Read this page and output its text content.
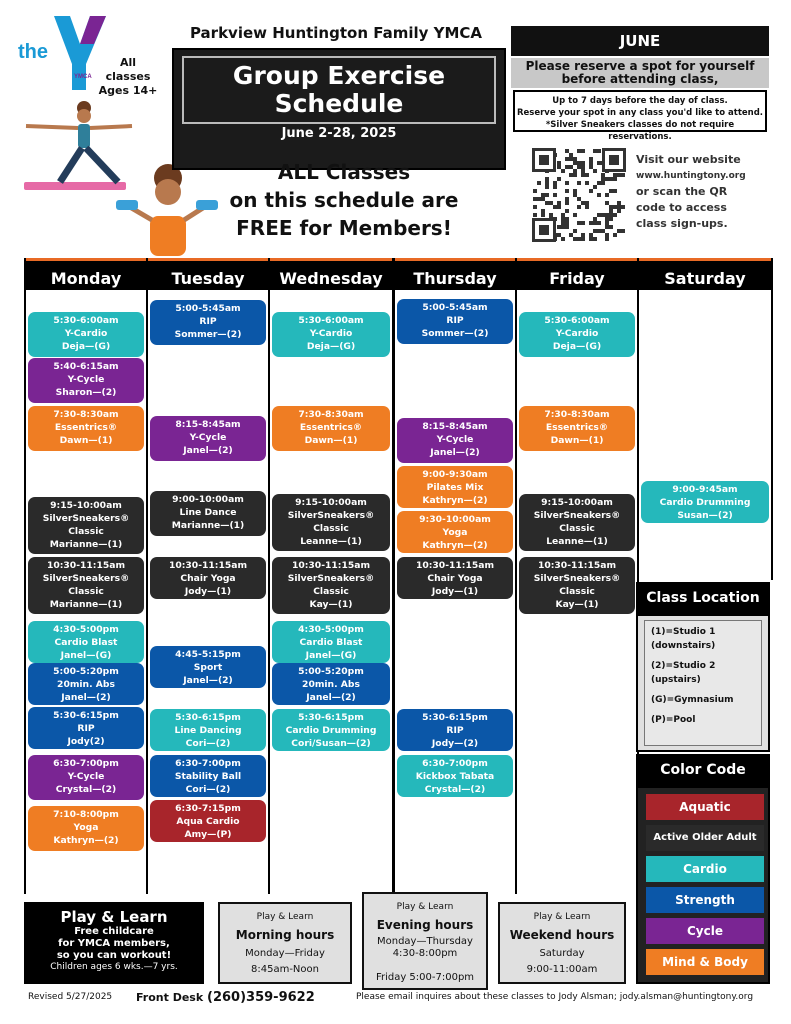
the
YMCA
All classes
Ages 14+
Parkview Huntington Family YMCA
Group Exercise
Schedule
June 2-28, 2025
ALL Classes
on this schedule are
FREE for Members!
JUNE
Please reserve a spot for yourself
before attending class,
Up to 7 days before the day of class.
Reserve your spot in any class you'd like to attend.
*Silver Sneakers classes do not require reservations.
Visit our website
www.huntingtony.org
or scan the QR
code to access
class sign-ups.
Monday
5:30-6:00am
Y-Cardio
Deja—(G)
5:40-6:15am
Y-Cycle
Sharon—(2)
7:30-8:30am
Essentrics®
Dawn—(1)
9:15-10:00am
SilverSneakers®
Classic
Marianne—(1)
10:30-11:15am
SilverSneakers®
Classic
Marianne—(1)
4:30-5:00pm
Cardio Blast
Janel—(G)
5:00-5:20pm
20min. Abs
Janel—(2)
5:30-6:15pm
RIP
Jody(2)
6:30-7:00pm
Y-Cycle
Crystal—(2)
7:10-8:00pm
Yoga
Kathryn—(2)
Tuesday
5:00-5:45am
RIP
Sommer—(2)
8:15-8:45am
Y-Cycle
Janel—(2)
9:00-10:00am
Line Dance
Marianne—(1)
10:30-11:15am
Chair Yoga
Jody—(1)
4:45-5:15pm
Sport
Janel—(2)
5:30-6:15pm
Line Dancing
Cori—(2)
6:30-7:00pm
Stability Ball
Cori—(2)
6:30-7:15pm
Aqua Cardio
Amy—(P)
Wednesday
5:30-6:00am
Y-Cardio
Deja—(G)
7:30-8:30am
Essentrics®
Dawn—(1)
9:15-10:00am
SilverSneakers®
Classic
Leanne—(1)
10:30-11:15am
SilverSneakers®
Classic
Kay—(1)
4:30-5:00pm
Cardio Blast
Janel—(G)
5:00-5:20pm
20min. Abs
Janel—(2)
5:30-6:15pm
Cardio Drumming
Cori/Susan—(2)
Thursday
5:00-5:45am
RIP
Sommer—(2)
8:15-8:45am
Y-Cycle
Janel—(2)
9:00-9:30am
Pilates Mix
Kathryn—(2)
9:30-10:00am
Yoga
Kathryn—(2)
10:30-11:15am
Chair Yoga
Jody—(1)
5:30-6:15pm
RIP
Jody—(2)
6:30-7:00pm
Kickbox Tabata
Crystal—(2)
Friday
5:30-6:00am
Y-Cardio
Deja—(G)
7:30-8:30am
Essentrics®
Dawn—(1)
9:15-10:00am
SilverSneakers®
Classic
Leanne—(1)
10:30-11:15am
SilverSneakers®
Classic
Kay—(1)
Saturday
9:00-9:45am
Cardio Drumming
Susan—(2)
Class Location
(1)=Studio 1 (downstairs)
(2)=Studio 2 (upstairs)
(G)=Gymnasium
(P)=Pool
Color Code
Aquatic
Active Older Adult
Cardio
Strength
Cycle
Mind & Body
Play & Learn
Free childcare
for YMCA members,
so you can workout!
Children ages 6 wks.—7 yrs.
Play & Learn
Morning hours
Monday—Friday
8:45am-Noon
Play & Learn
Evening hours
Monday—Thursday
4:30-8:00pm
Friday 5:00-7:00pm
Play & Learn
Weekend hours
Saturday
9:00-11:00am
Revised 5/27/2025 Front Desk (260)359-9622	Please email inquires about these classes to Jody Alsman; jody.alsman@huntingtony.org
